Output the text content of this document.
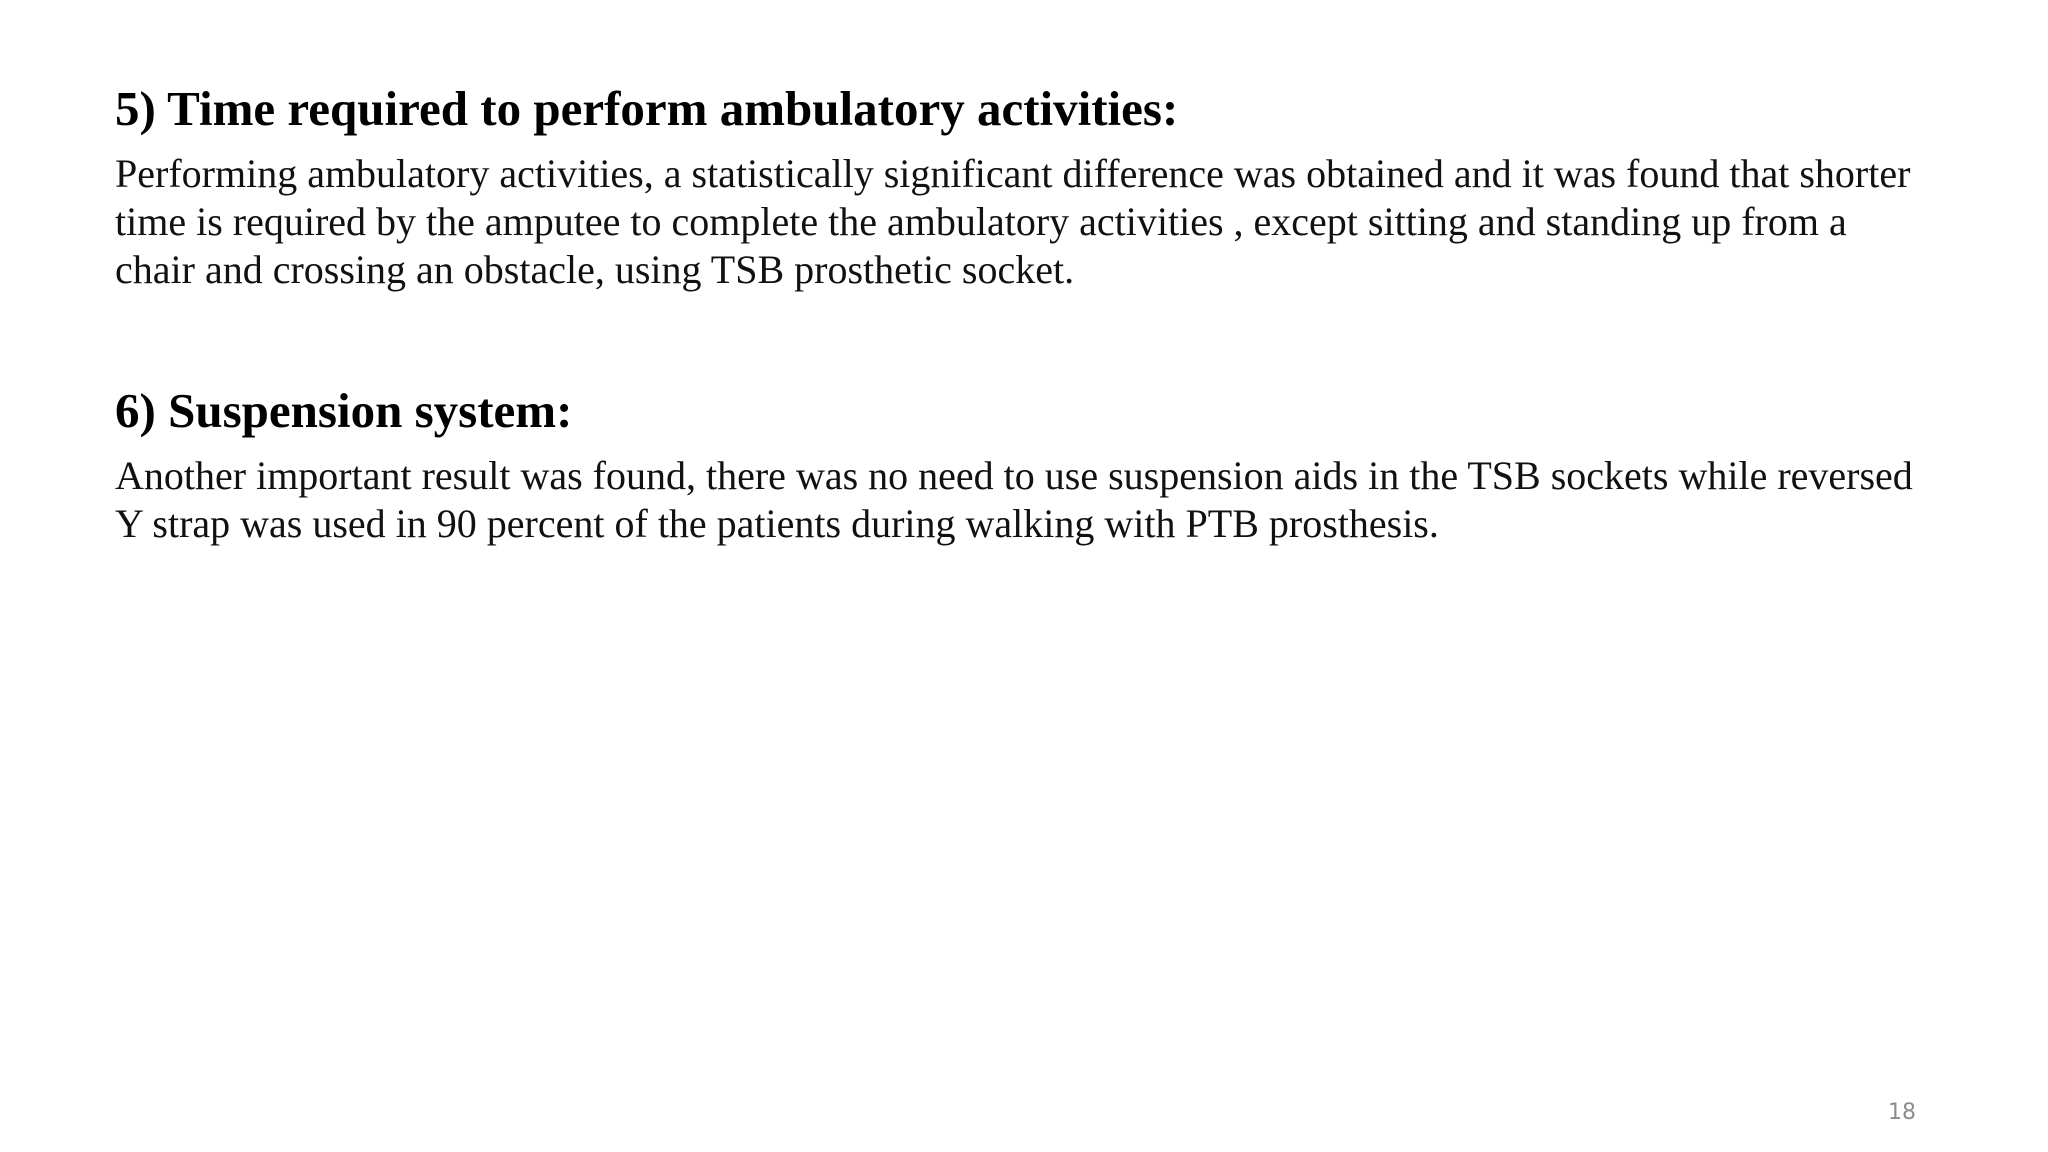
5) Time required to perform ambulatory activities:

Performing ambulatory activities, a statistically significant difference was obtained and it was found that shorter time is required by the amputee to complete the ambulatory activities , except sitting and standing up from a chair and crossing an obstacle, using TSB prosthetic socket.

6) Suspension system:

Another important result was found, there was no need to use suspension aids in the TSB sockets while reversed Y strap was used in 90 percent of the patients during walking with PTB prosthesis.

18
